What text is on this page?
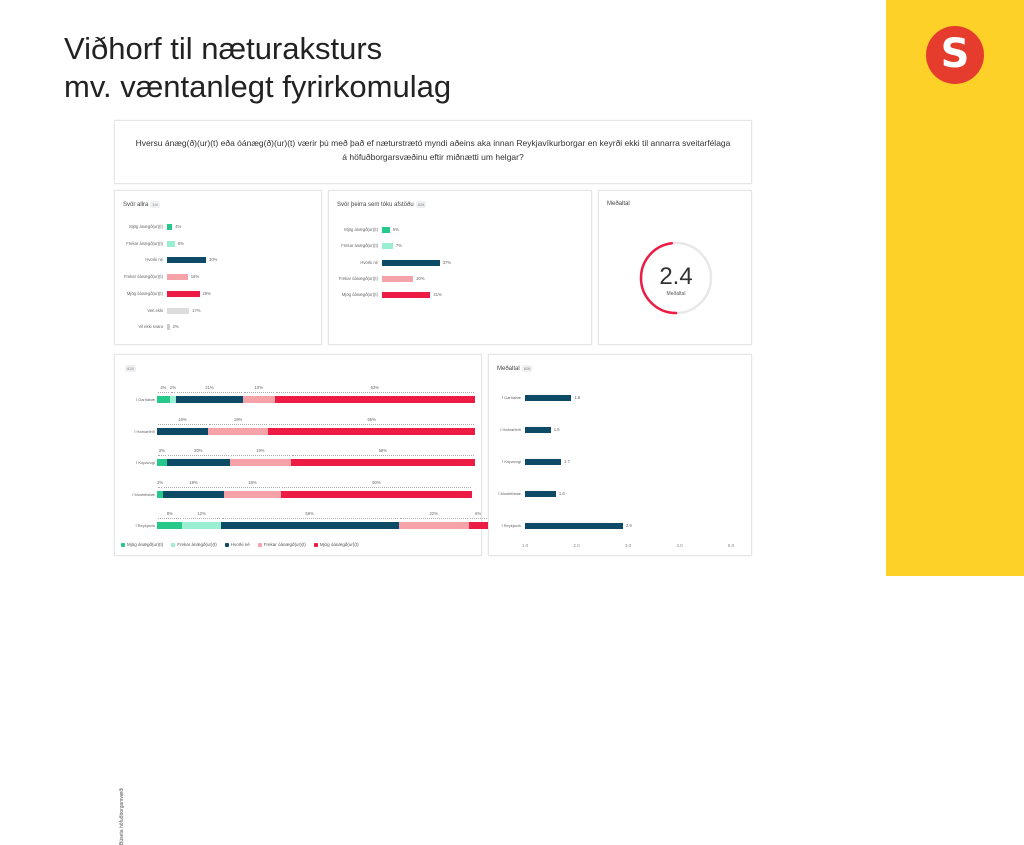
S
Viðhorf til næturaksturs
mv. væntanlegt fyrirkomulag
Hversu ánæg(ð)(ur)(t) eða óánæg(ð)(ur)(t) værir þú með það ef næturstrætó myndi aðeins aka innan Reykjavíkurborgar en keyrði ekki til annarra sveitarfélaga á höfuðborgarsvæðinu eftir miðnætti um helgar?
Svör allra 1hl
Mjög ánægð(ur)(t)	4%
Frekar ánægð(ur)(t)	6%
Hvorki né	30%
Frekar óánægð(ur)(t)	16%
Mjög óánægð(ur)(t)	25%
Veit ekki	17%
Vil ekki svara 2%
Svör þeirra sem tóku afstöðu 828
Mjög ánægð(ur)(t)	5%
Frekar ánægð(ur)(t)	7%
Hvorki né	37%
Frekar óánægð(ur)(t)	20%
Mjög óánægð(ur)(t)	31%
Meðaltal
2.4
Meðaltal
828
Búseta höfuðborgarsvæði
Í Garðabæ
4% 2%	21%	10%	63%
Í Hafnarfirði
16%	19%	65%
Í Kópavogi
3%	20%	19%	58%
Í Mosfellsbæ
2%	19%	18%	60%
Í Reykjavík
8%	12%	56%	22%	6%
Mjög ánægð(ur)(t)	Frekar ánægð(ur)(t)	Hvorki né	Frekar óánægð(ur)(t)	Mjög óánægð(ur)(t)
Meðaltal 828
Í Garðabæ	1.9
Í Hafnarfirði	1.5
Í Kópavogi	1.7
Í Mosfellsbæ	1.6
Í Reykjavík	2.9
1.0	2.0	3.0	4.0	5.0
